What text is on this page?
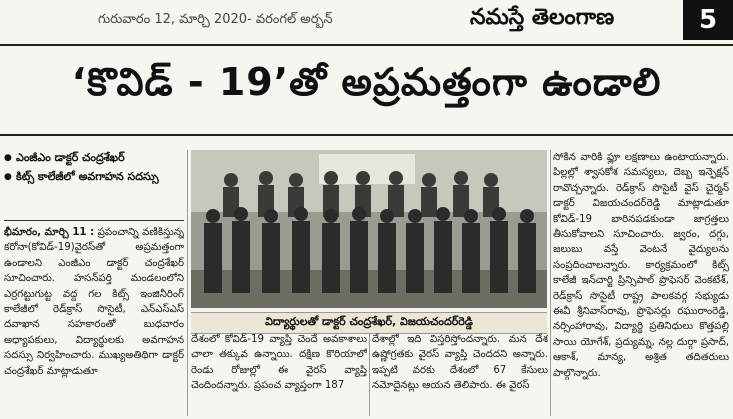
గురువారం 12, మార్చి 2020- వరంగల్ అర్బన్	నమస్తే తెలంగాణ	5
‘కొవిడ్ - 19’తో అప్రమత్తంగా ఉండాలి
● ఎంజీఎం డాక్టర్ చంద్రశేఖర్
● కిట్స్ కాలేజీలో అవగాహన సదస్సు

భీమారం, మార్చి 11 : ప్రపంచాన్ని వణికిస్తున్న కరోనా(కోవిడ్-19)వైరస్‌తో అప్రమత్తంగా ఉండాలని ఎంజీఎం డాక్టర్ చంద్రశేఖర్ సూచించారు. హసన్‌పర్తి మండలంలోని ఎర్రగట్టుగుట్ట వద్ద గల కిట్స్ ఇంజినీరింగ్ కాలేజీలో రెడ్‌క్రాస్ సొసైటీ, ఎన్‌ఎస్‌ఎస్ దవాఖాన సహకారంతో బుధవారం అధ్యాపకులు, విద్యార్థులకు అవగాహన సదస్సు నిర్వహించారు. ముఖ్యఅతిథిగా డాక్టర్ చంద్రశేఖర్ మాట్లాడుతూ

విద్యార్థులతో డాక్టర్ చంద్రశేఖర్, విజయచందర్‌రెడ్డి

దేశంలో కోవిడ్-19 వ్యాప్తి చెందే అవకాశాలు చాలా తక్కువ ఉన్నాయి. దక్షిణ కొరియాలో రెండు రోజుల్లో ఈ వైరస్ వ్యాప్తి చెందిందన్నారు. ప్రపంచ వ్యాప్తంగా 187

దేశాల్లో ఇది విస్తరిస్తోందన్నారు. మన దేశ ఉష్ణోగ్రతకు వైరస్ వ్యాప్తి చెందదని అన్నారు. ఇప్పటి వరకు దేశంలో 67 కేసులు నమోదైనట్లు ఆయన తెలిపారు. ఈ వైరస్

సోకిన వారికి ఫ్లూ లక్షణాలు ఉంటాయన్నారు. పిల్లల్లో శ్వాసకోశ సమస్యలు, దెబ్బ ఇన్ఫెక్షన్ రావొచ్చన్నారు. రెడ్‌క్రాస్ సొసైటీ వైస్ చైర్మన్ డాక్టర్ విజయచందర్‌రెడ్డి మాట్లాడుతూ కోవిడ్-19 బారినపడకుండా జాగ్రత్తలు తీసుకోవాలని సూచించారు. జ్వరం, దగ్గు, జలుబు వస్తే వెంటనే వైద్యులను సంప్రదించాలన్నారు. కార్యక్రమంలో కిట్స్ కాలేజీ ఇన్‌చార్జి ప్రిన్సిపాల్ ప్రొఫెసర్ వెంకటేశ్, రెడ్‌క్రాస్ సొసైటీ రాష్ట్ర పాలకవర్గ సభ్యుడు ఈవీ శ్రీనివాస్‌రావు, ప్రొఫెసర్లు రఘురాంరెడ్డి, నర్సింహారావు, విద్యార్థి ప్రతినిధులు కొత్తపల్లి సాయి యోగేశ్, ప్రద్యుమ్న, నల్ల దుర్గా ప్రసాద్, ఆకాశ్, మాన్య, అశ్రిత తదితరులు పాల్గొన్నారు.
